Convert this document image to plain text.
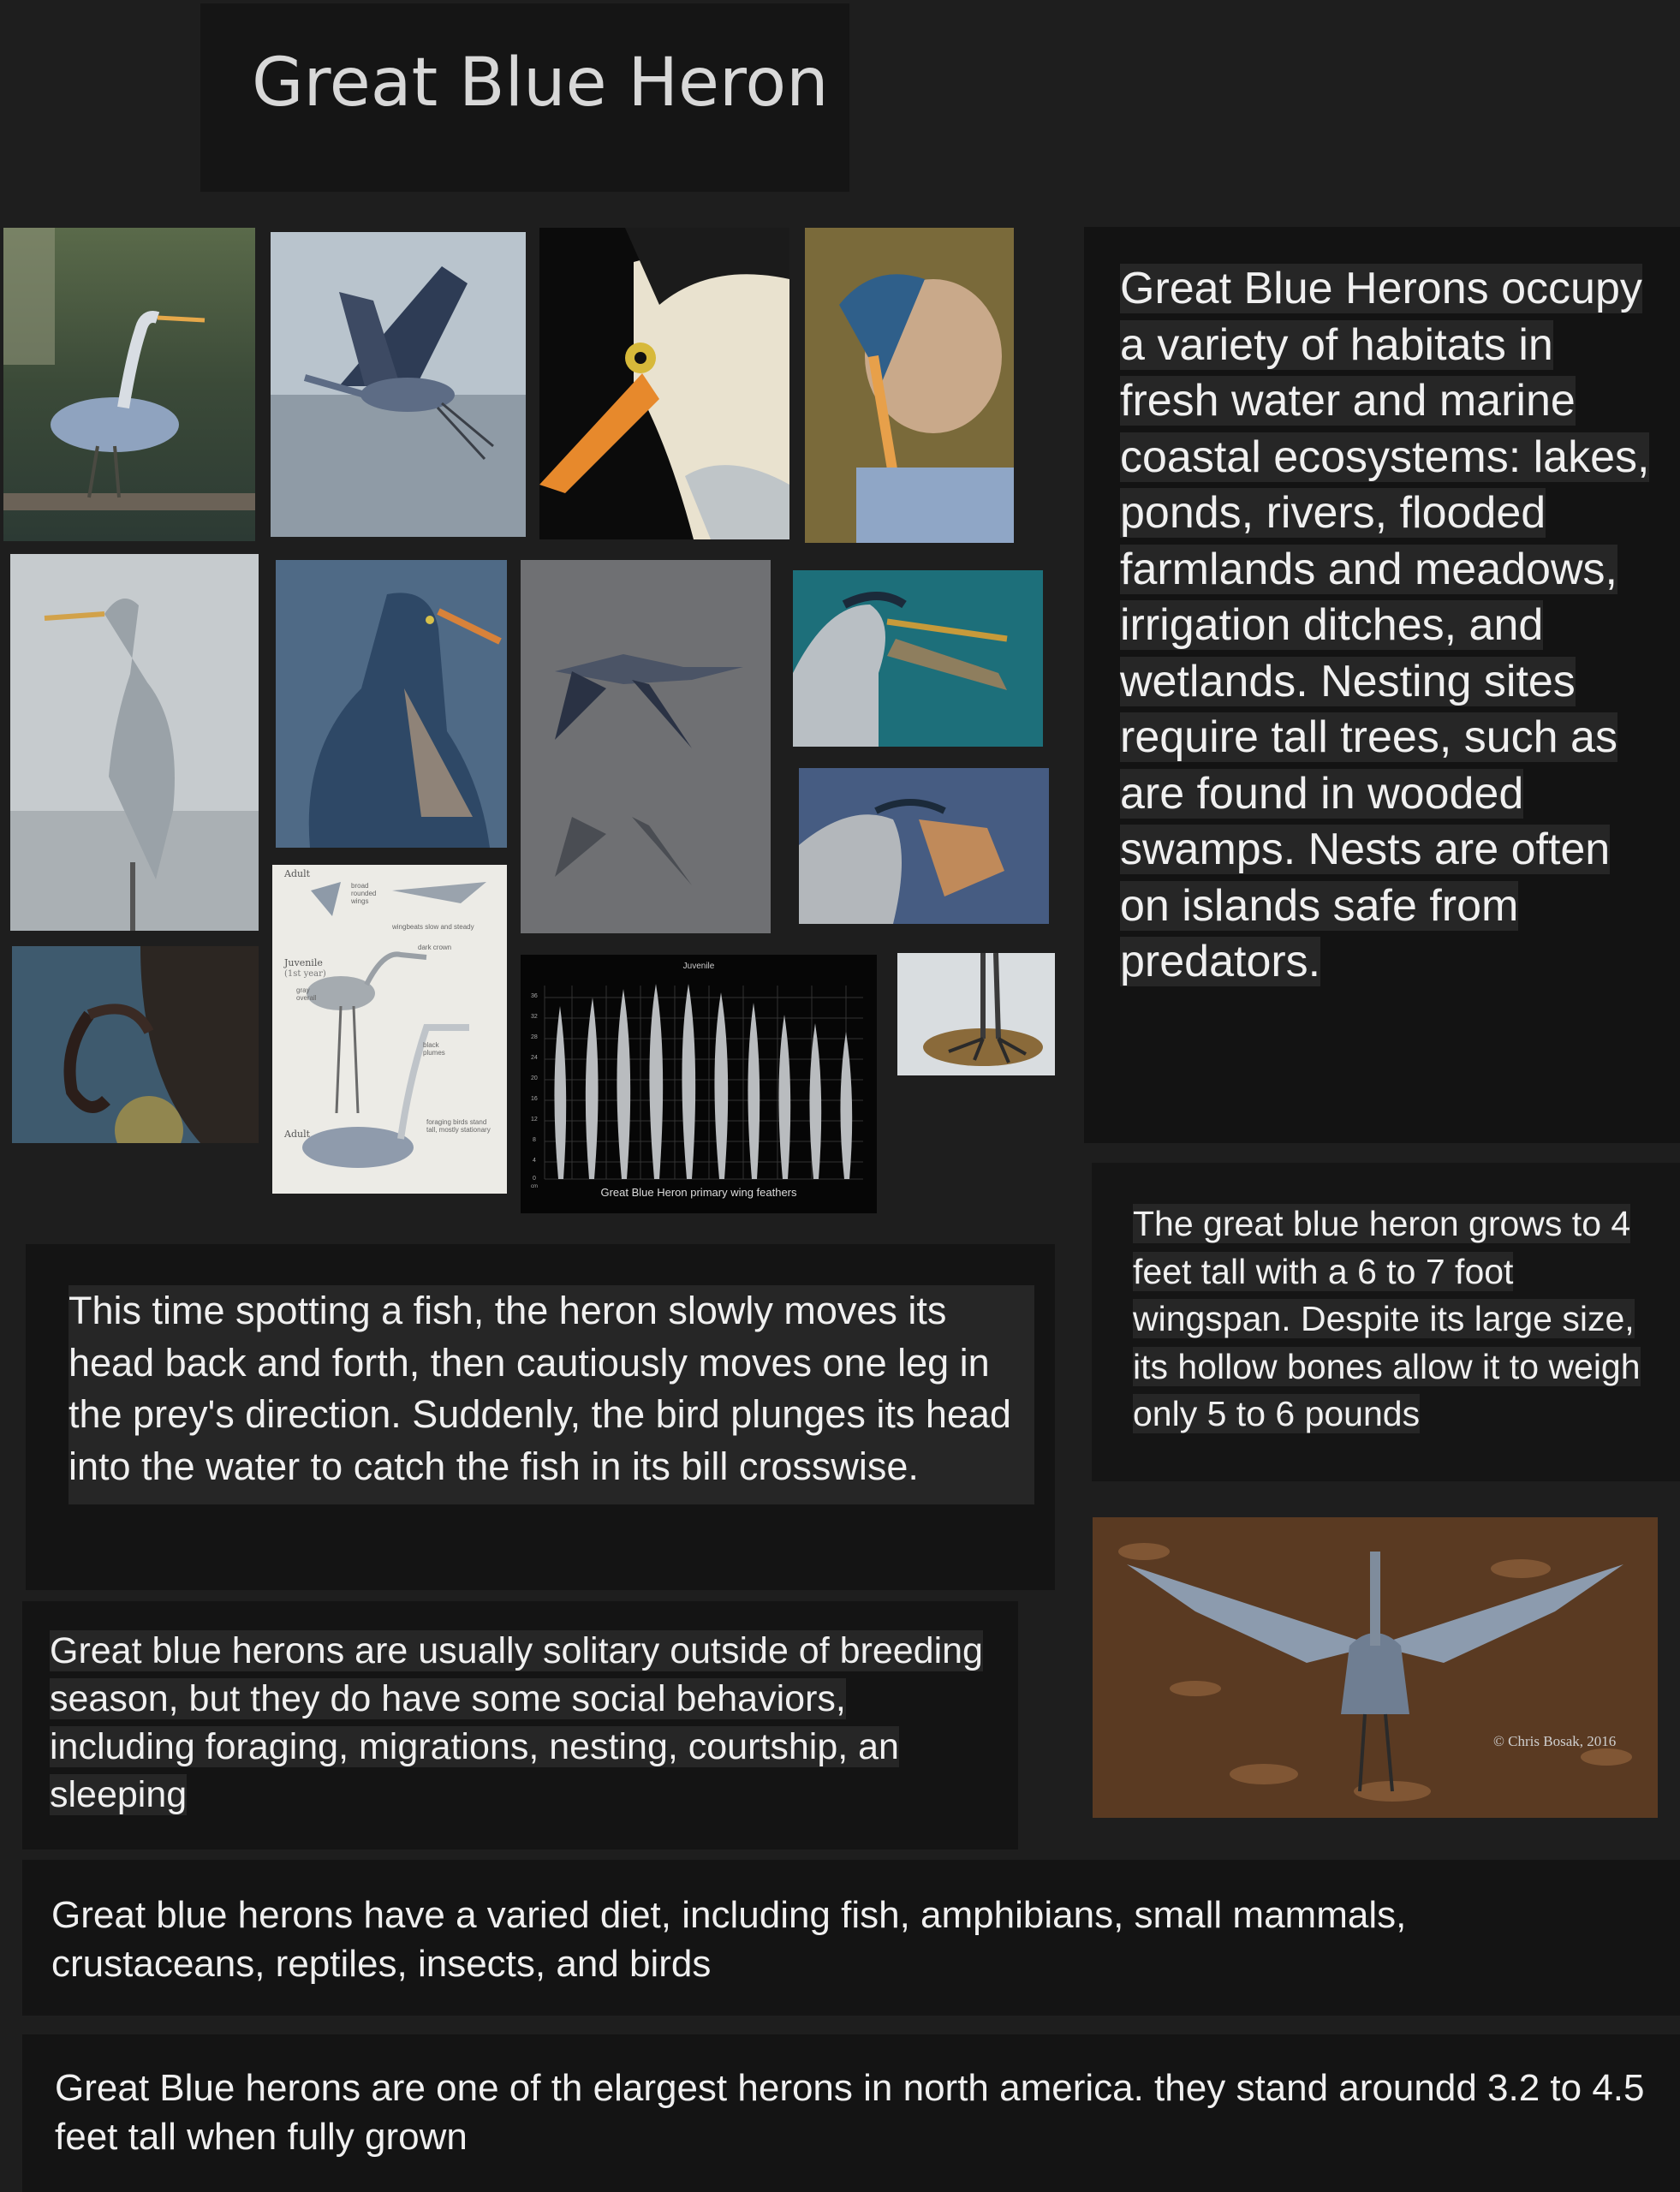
Great Blue Heron
Adult
broad rounded wings
wingbeats slow and steady
dark crown
Juvenile
(1st year)
gray overall
black plumes
foraging birds stand tall, mostly stationary
Adult
Juvenile
Great Blue Heron primary wing feathers
36
32
28
24
20
16
12
8
4
0
cm
Great Blue Herons occupy a variety of habitats in fresh water and marine coastal ecosystems: lakes, ponds, rivers, flooded farmlands and meadows, irrigation ditches, and wetlands. Nesting sites require tall trees, such as are found in wooded swamps. Nests are often on islands safe from predators.
The great blue heron grows to 4 feet tall with a 6 to 7 foot wingspan. Despite its large size, its hollow bones allow it to weigh only 5 to 6 pounds
This time spotting a fish, the heron slowly moves its head back and forth, then cautiously moves one leg in the prey's direction. Suddenly, the bird plunges its head into the water to catch the fish in its bill crosswise.
© Chris Bosak, 2016
Great blue herons are usually solitary outside of breeding season, but they do have some social behaviors, including foraging, migrations, nesting, courtship, an sleeping
Great blue herons have a varied diet, including fish, amphibians, small mammals, crustaceans, reptiles, insects, and birds
Great Blue herons are one of th elargest herons in north america. they stand aroundd 3.2 to 4.5 feet tall when fully grown
